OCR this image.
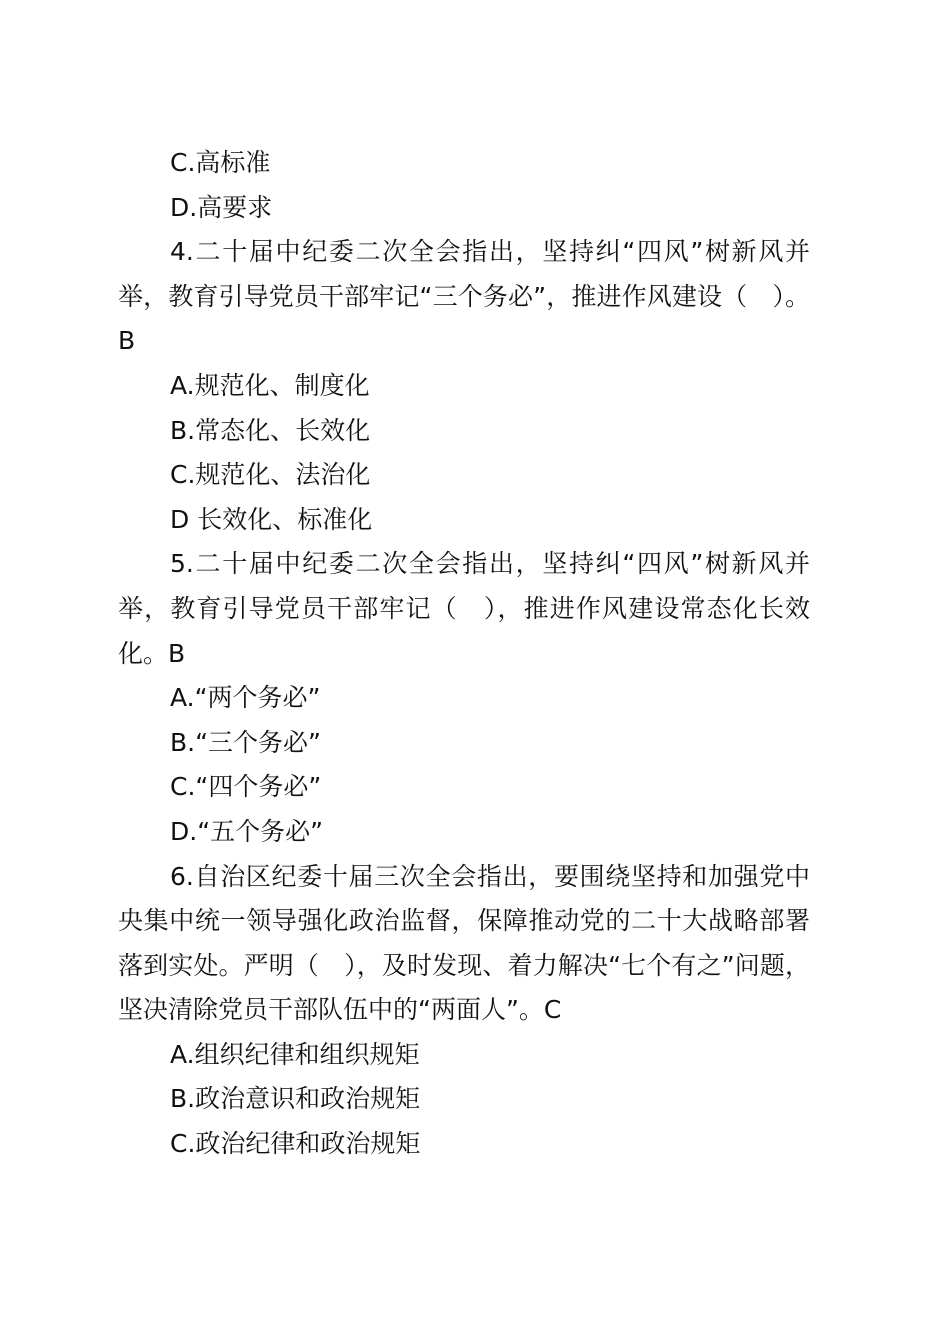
C.高标准
D.高要求
4.二十届中纪委二次全会指出，坚持纠“四风”树新风并举，教育引导党员干部牢记“三个务必”，推进作风建设（　）。B
A.规范化、制度化
B.常态化、长效化
C.规范化、法治化
D 长效化、标准化
5.二十届中纪委二次全会指出，坚持纠“四风”树新风并举，教育引导党员干部牢记（　），推进作风建设常态化长效化。B
A.“两个务必”
B.“三个务必”
C.“四个务必”
D.“五个务必”
6.自治区纪委十届三次全会指出，要围绕坚持和加强党中央集中统一领导强化政治监督，保障推动党的二十大战略部署落到实处。严明（　），及时发现、着力解决“七个有之”问题，坚决清除党员干部队伍中的“两面人”。C
A.组织纪律和组织规矩
B.政治意识和政治规矩
C.政治纪律和政治规矩
